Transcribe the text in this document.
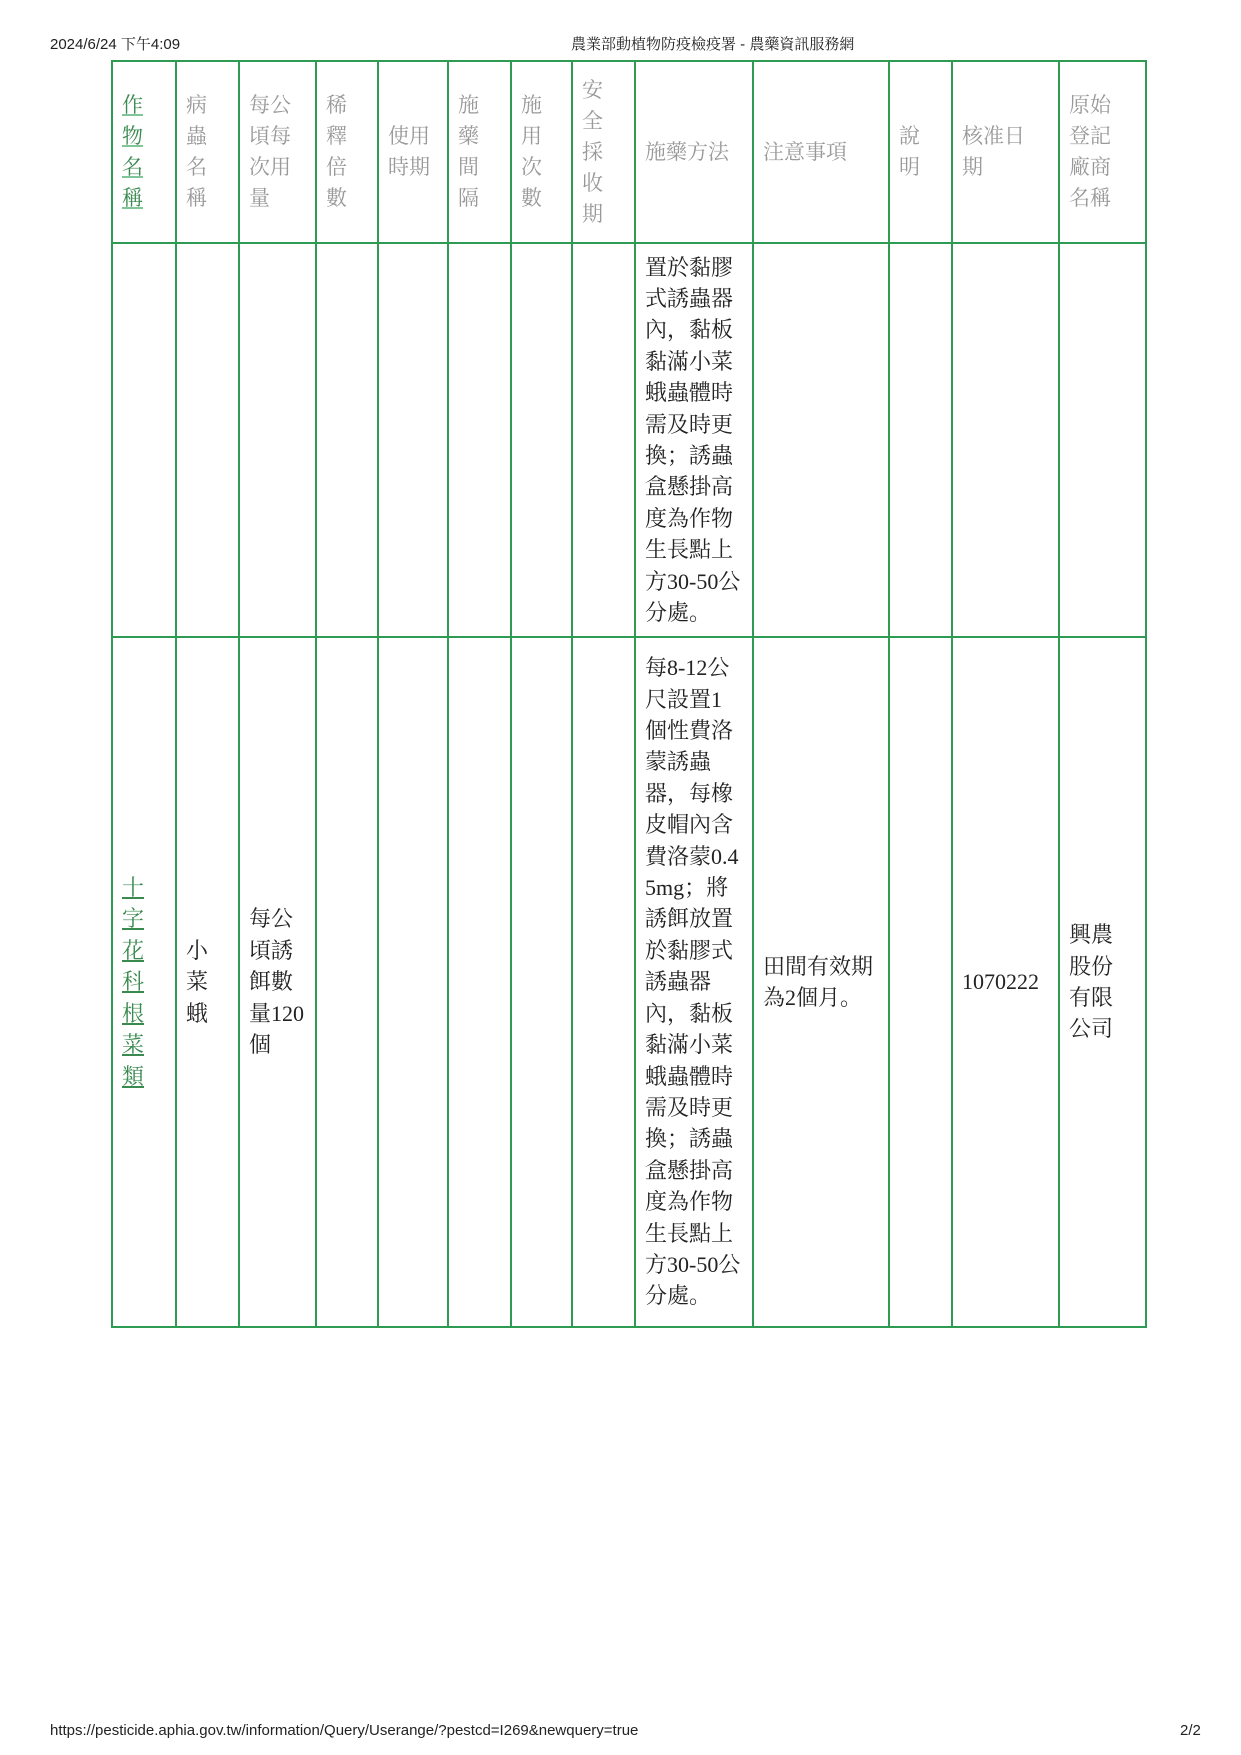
2024/6/24 下午4:09	農業部動植物防疫檢疫署 - 農藥資訊服務網
作物名稱	病蟲名稱	每公頃每次用量	稀釋倍數	使用時期	施藥間隔	施用次數	安全採收期	施藥方法	注意事項	說明	核准日期	原始登記廠商名稱

								置於黏膠式誘蟲器內，黏板黏滿小菜蛾蟲體時需及時更換；誘蟲盒懸掛高度為作物生長點上方30-50公分處。				

十字花科根菜類	小菜蛾	每公頃誘餌數量120個						每8-12公尺設置1個性費洛蒙誘蟲器，每橡皮帽內含費洛蒙0.45mg；將誘餌放置於黏膠式誘蟲器內，黏板黏滿小菜蛾蟲體時需及時更換；誘蟲盒懸掛高度為作物生長點上方30-50公分處。	田間有效期為2個月。		1070222	興農股份有限公司
https://pesticide.aphia.gov.tw/information/Query/Userange/?pestcd=I269&newquery=true	2/2
